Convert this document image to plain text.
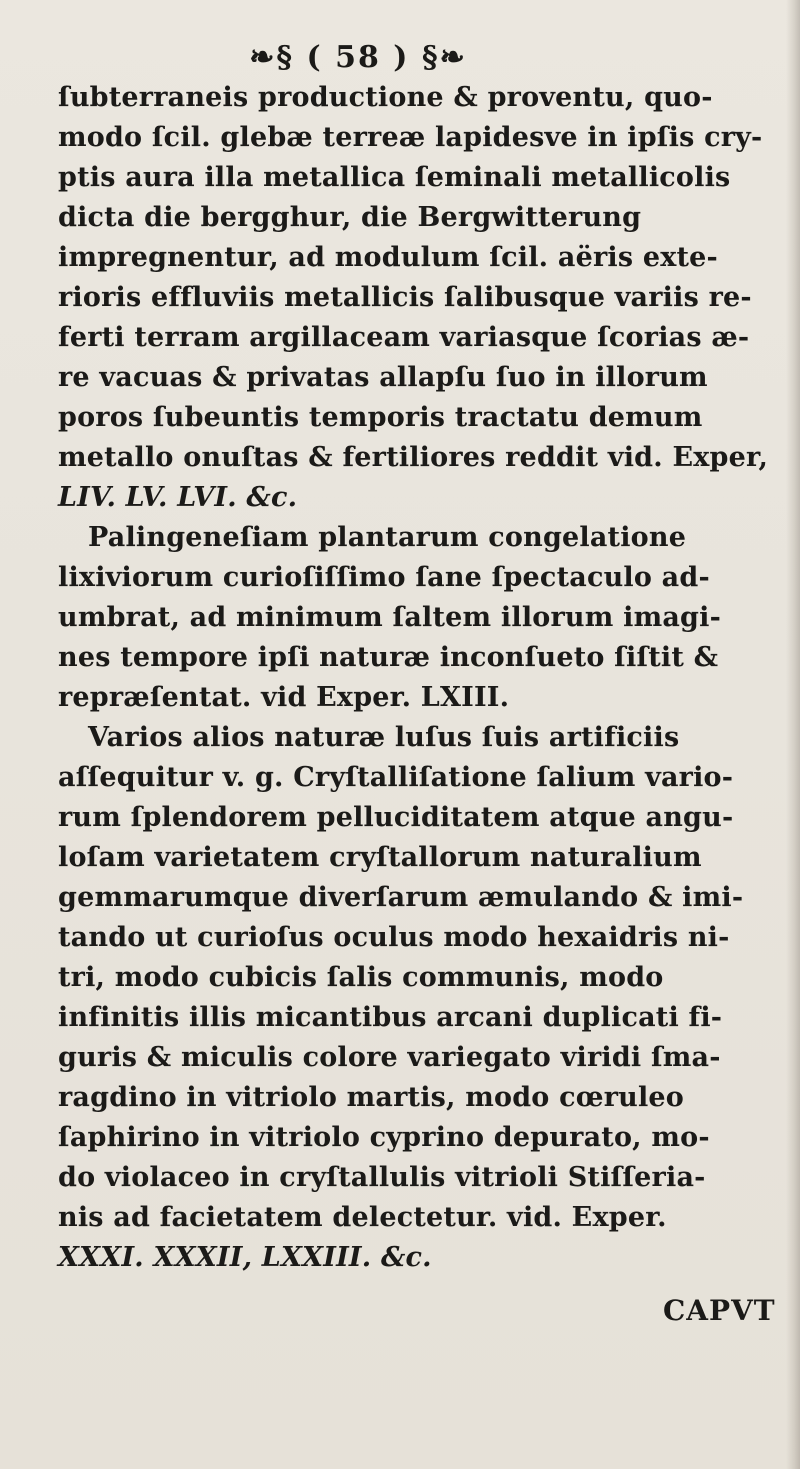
❧§ ( 58 ) §❧
ſubterraneis productione & proventu, quo-
modo ſcil. glebæ terreæ lapidesve in ipſis cry-
ptis aura illa metallica ſeminali metallicolis
dicta die bergghur, die Bergwitterung
impregnentur, ad modulum ſcil. aëris exte-
rioris effluviis metallicis ſalibusque variis re-
ferti terram argillaceam variasque ſcorias æ-
re vacuas & privatas allapſu ſuo in illorum
poros ſubeuntis temporis tractatu demum
metallo onuſtas & fertiliores reddit vid. Exper,
LIV. LV. LVI. &c.
Palingeneſiam plantarum congelatione
lixiviorum curioſiſſimo ſane ſpectaculo ad-
umbrat, ad minimum ſaltem illorum imagi-
nes tempore ipſi naturæ inconſueto ſiſtit &
repræſentat. vid Exper. LXIII.
Varios alios naturæ luſus ſuis artificiis
aſſequitur v. g. Cryſtalliſatione ſalium vario-
rum ſplendorem pelluciditatem atque angu-
loſam varietatem cryſtallorum naturalium
gemmarumque diverſarum æmulando & imi-
tando ut curioſus oculus modo hexaidris ni-
tri, modo cubicis ſalis communis, modo
infinitis illis micantibus arcani duplicati fi-
guris & miculis colore variegato viridi ſma-
ragdino in vitriolo martis, modo cœruleo
ſaphirino in vitriolo cyprino depurato, mo-
do violaceo in cryſtallulis vitrioli Stiſſeria-
nis ad facietatem delectetur. vid. Exper.
XXXI. XXXII, LXXIII. &c.
CAPVT
